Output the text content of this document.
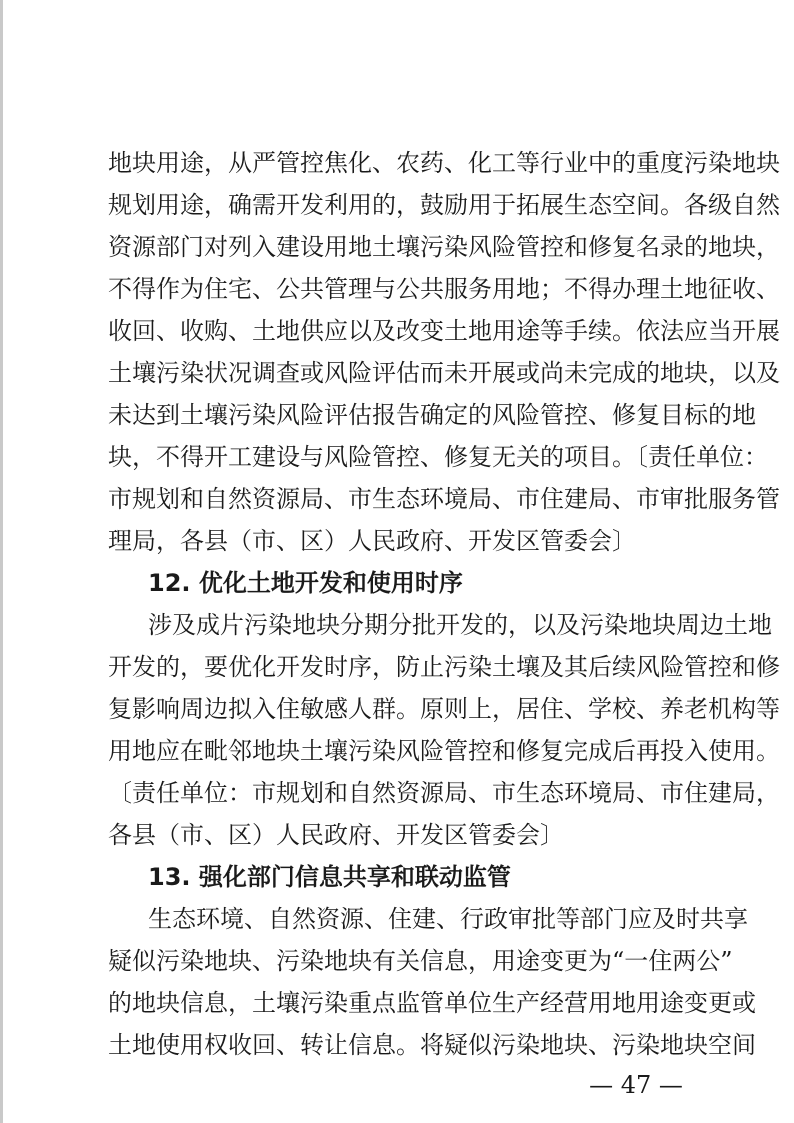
地块用途，从严管控焦化、农药、化工等行业中的重度污染地块
规划用途，确需开发利用的，鼓励用于拓展生态空间。各级自然
资源部门对列入建设用地土壤污染风险管控和修复名录的地块，
不得作为住宅、公共管理与公共服务用地；不得办理土地征收、
收回、收购、土地供应以及改变土地用途等手续。依法应当开展
土壤污染状况调查或风险评估而未开展或尚未完成的地块，以及
未达到土壤污染风险评估报告确定的风险管控、修复目标的地
块，不得开工建设与风险管控、修复无关的项目。〔责任单位：
市规划和自然资源局、市生态环境局、市住建局、市审批服务管
理局，各县（市、区）人民政府、开发区管委会〕
12. 优化土地开发和使用时序
涉及成片污染地块分期分批开发的，以及污染地块周边土地
开发的，要优化开发时序，防止污染土壤及其后续风险管控和修
复影响周边拟入住敏感人群。原则上，居住、学校、养老机构等
用地应在毗邻地块土壤污染风险管控和修复完成后再投入使用。
〔责任单位：市规划和自然资源局、市生态环境局、市住建局，
各县（市、区）人民政府、开发区管委会〕
13. 强化部门信息共享和联动监管
生态环境、自然资源、住建、行政审批等部门应及时共享
疑似污染地块、污染地块有关信息，用途变更为“一住两公”
的地块信息，土壤污染重点监管单位生产经营用地用途变更或
土地使用权收回、转让信息。将疑似污染地块、污染地块空间
— 47 —
